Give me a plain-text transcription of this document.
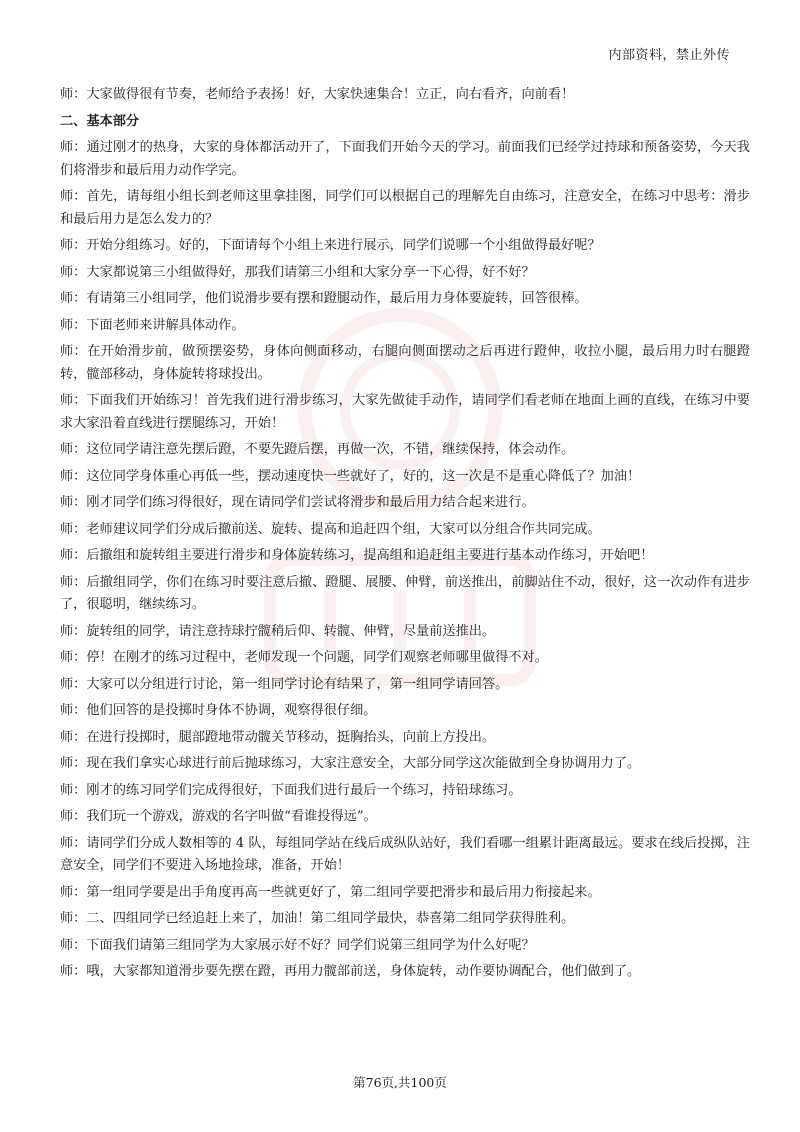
内部资料，禁止外传

师：大家做得很有节奏，老师给予表扬！好，大家快速集合！立正，向右看齐，向前看！

二、基本部分

师：通过刚才的热身，大家的身体都活动开了，下面我们开始今天的学习。前面我们已经学过持球和预备姿势，今天我们将滑步和最后用力动作学完。

师：首先，请每组小组长到老师这里拿挂图，同学们可以根据自己的理解先自由练习，注意安全，在练习中思考：滑步和最后用力是怎么发力的？

师：开始分组练习。好的，下面请每个小组上来进行展示，同学们说哪一个小组做得最好呢？

师：大家都说第三小组做得好，那我们请第三小组和大家分享一下心得，好不好？

师：有请第三小组同学，他们说滑步要有摆和蹬腿动作，最后用力身体要旋转，回答很棒。

师：下面老师来讲解具体动作。

师：在开始滑步前，做预摆姿势，身体向侧面移动，右腿向侧面摆动之后再进行蹬伸，收拉小腿，最后用力时右腿蹬转，髋部移动，身体旋转将球投出。

师：下面我们开始练习！首先我们进行滑步练习，大家先做徒手动作，请同学们看老师在地面上画的直线，在练习中要求大家沿着直线进行摆腿练习，开始！

师：这位同学请注意先摆后蹬，不要先蹬后摆，再做一次，不错，继续保持，体会动作。

师：这位同学身体重心再低一些，摆动速度快一些就好了，好的，这一次是不是重心降低了？加油！

师：刚才同学们练习得很好，现在请同学们尝试将滑步和最后用力结合起来进行。

师：老师建议同学们分成后撤前送、旋转、提高和追赶四个组，大家可以分组合作共同完成。

师：后撤组和旋转组主要进行滑步和身体旋转练习，提高组和追赶组主要进行基本动作练习，开始吧！

师：后撤组同学，你们在练习时要注意后撤、蹬腿、展腰、伸臂，前送推出，前脚站住不动，很好，这一次动作有进步了，很聪明，继续练习。

师：旋转组的同学，请注意持球拧髋稍后仰、转髋、伸臂，尽量前送推出。

师：停！在刚才的练习过程中，老师发现一个问题，同学们观察老师哪里做得不对。

师：大家可以分组进行讨论，第一组同学讨论有结果了，第一组同学请回答。

师：他们回答的是投掷时身体不协调，观察得很仔细。

师：在进行投掷时，腿部蹬地带动髋关节移动，挺胸抬头，向前上方投出。

师：现在我们拿实心球进行前后抛球练习，大家注意安全，大部分同学这次能做到全身协调用力了。

师：刚才的练习同学们完成得很好，下面我们进行最后一个练习，持铅球练习。

师：我们玩一个游戏，游戏的名字叫做“看谁投得远”。

师：请同学们分成人数相等的 4 队，每组同学站在线后成纵队站好，我们看哪一组累计距离最远。要求在线后投掷，注意安全，同学们不要进入场地捡球，准备，开始！

师：第一组同学要是出手角度再高一些就更好了，第二组同学要把滑步和最后用力衔接起来。

师：二、四组同学已经追赶上来了，加油！第二组同学最快，恭喜第二组同学获得胜利。

师：下面我们请第三组同学为大家展示好不好？同学们说第三组同学为什么好呢？

师：哦，大家都知道滑步要先摆在蹬，再用力髋部前送，身体旋转，动作要协调配合，他们做到了。

第76页,共100页
